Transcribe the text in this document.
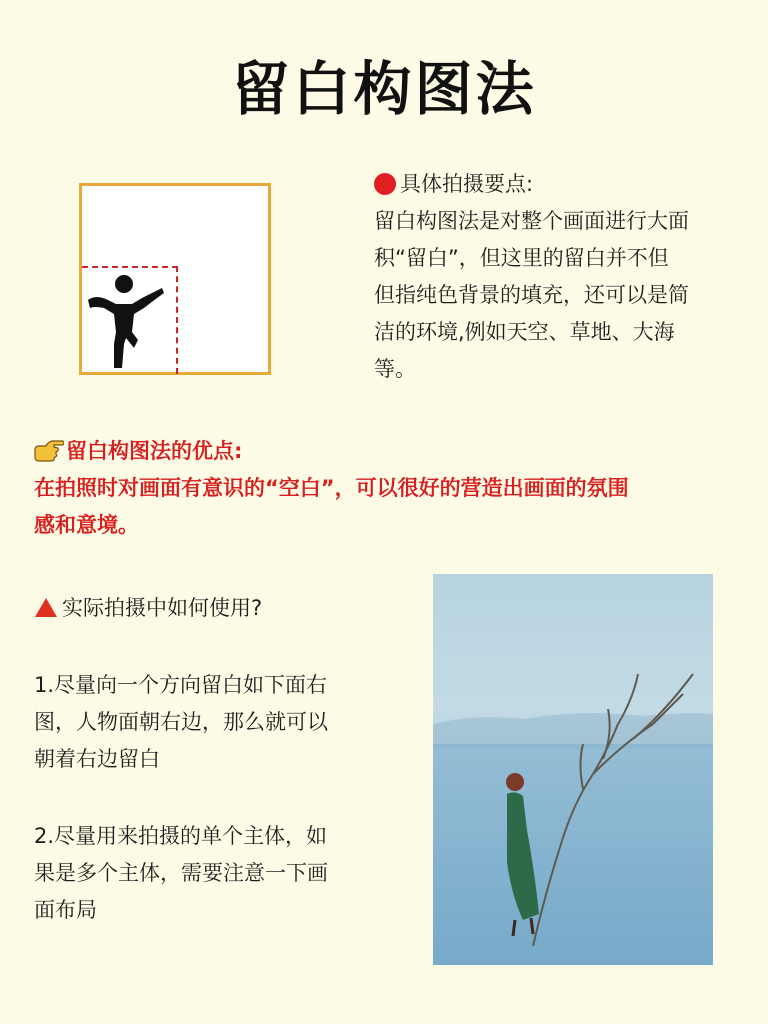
留白构图法
具体拍摄要点:
留白构图法是对整个画面进行大面
积“留白”，但这里的留白并不但
但指纯色背景的填充，还可以是简
洁的环境,例如天空、草地、大海
等。
留白构图法的优点:
在拍照时对画面有意识的“空白”，可以很好的营造出画面的氛围
感和意境。
实际拍摄中如何使用?
1.尽量向一个方向留白如下面右
图，人物面朝右边，那么就可以
朝着右边留白
2.尽量用来拍摄的单个主体，如
果是多个主体，需要注意一下画
面布局
